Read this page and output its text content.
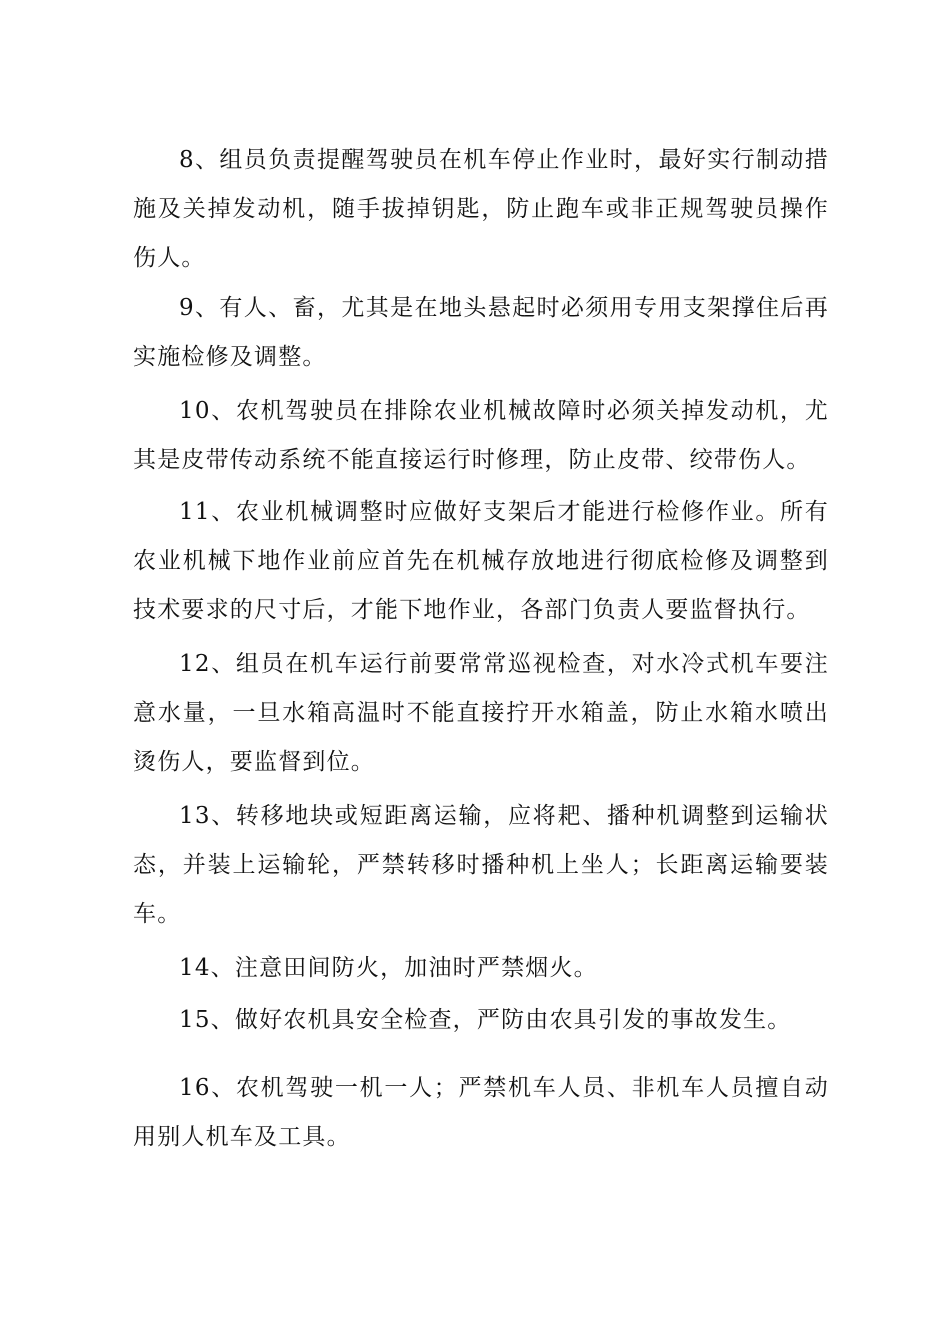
8、组员负责提醒驾驶员在机车停止作业时，最好实行制动措施及关掉发动机，随手拔掉钥匙，防止跑车或非正规驾驶员操作伤人。

9、有人、畜，尤其是在地头悬起时必须用专用支架撑住后再实施检修及调整。

10、农机驾驶员在排除农业机械故障时必须关掉发动机，尤其是皮带传动系统不能直接运行时修理，防止皮带、绞带伤人。

11、农业机械调整时应做好支架后才能进行检修作业。所有农业机械下地作业前应首先在机械存放地进行彻底检修及调整到技术要求的尺寸后，才能下地作业，各部门负责人要监督执行。

12、组员在机车运行前要常常巡视检查，对水冷式机车要注意水量，一旦水箱高温时不能直接拧开水箱盖，防止水箱水喷出烫伤人，要监督到位。

13、转移地块或短距离运输，应将耙、播种机调整到运输状态，并装上运输轮，严禁转移时播种机上坐人；长距离运输要装车。

14、注意田间防火，加油时严禁烟火。

15、做好农机具安全检查，严防由农具引发的事故发生。

16、农机驾驶一机一人；严禁机车人员、非机车人员擅自动用别人机车及工具。
